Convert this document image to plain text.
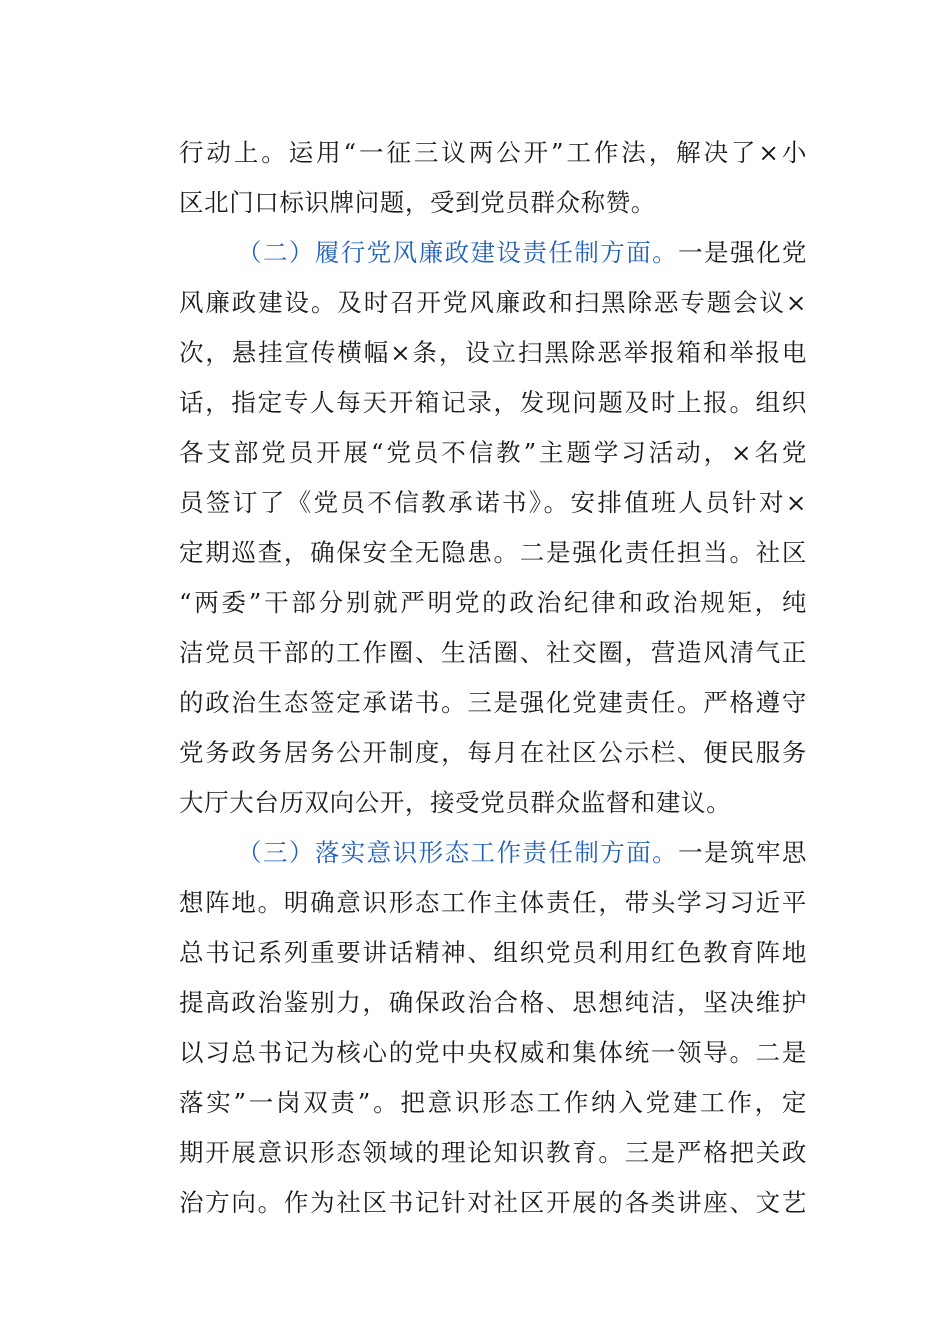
行动上。运用“一征三议两公开”工作法，解决了×小
区北门口标识牌问题，受到党员群众称赞。
（二）履行党风廉政建设责任制方面。一是强化党
风廉政建设。及时召开党风廉政和扫黑除恶专题会议×
次，悬挂宣传横幅×条，设立扫黑除恶举报箱和举报电
话，指定专人每天开箱记录，发现问题及时上报。组织
各支部党员开展“党员不信教”主题学习活动，×名党
员签订了《党员不信教承诺书》。安排值班人员针对×
定期巡查，确保安全无隐患。二是强化责任担当。社区
“两委”干部分别就严明党的政治纪律和政治规矩，纯
洁党员干部的工作圈、生活圈、社交圈，营造风清气正
的政治生态签定承诺书。三是强化党建责任。严格遵守
党务政务居务公开制度，每月在社区公示栏、便民服务
大厅大台历双向公开，接受党员群众监督和建议。
（三）落实意识形态工作责任制方面。一是筑牢思
想阵地。明确意识形态工作主体责任，带头学习习近平
总书记系列重要讲话精神、组织党员利用红色教育阵地
提高政治鉴别力，确保政治合格、思想纯洁，坚决维护
以习总书记为核心的党中央权威和集体统一领导。二是
落实”一岗双责”。把意识形态工作纳入党建工作，定
期开展意识形态领域的理论知识教育。三是严格把关政
治方向。作为社区书记针对社区开展的各类讲座、文艺
